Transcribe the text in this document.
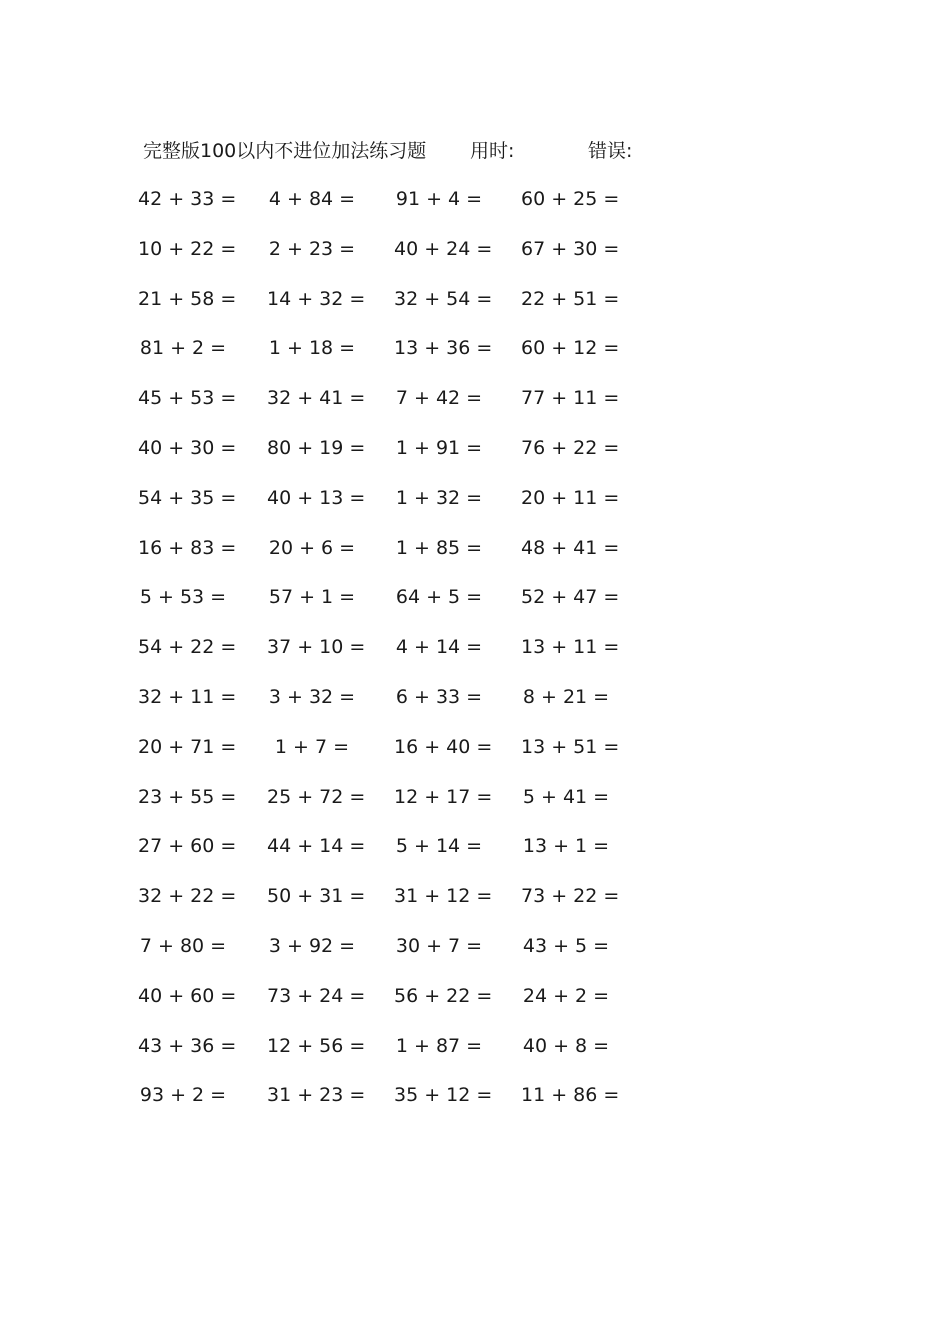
完整版100以内不进位加法练习题 用时:	错误:
42 + 33 = 4 + 84 = 91 + 4 = 60 + 25 =
10 + 22 = 2 + 23 = 40 + 24 = 67 + 30 =
21 + 58 = 14 + 32 = 32 + 54 = 22 + 51 =
81 + 2 = 1 + 18 = 13 + 36 = 60 + 12 =
45 + 53 = 32 + 41 = 7 + 42 = 77 + 11 =
40 + 30 = 80 + 19 = 1 + 91 = 76 + 22 =
54 + 35 = 40 + 13 = 1 + 32 = 20 + 11 =
16 + 83 = 20 + 6 = 1 + 85 = 48 + 41 =
5 + 53 = 57 + 1 = 64 + 5 = 52 + 47 =
54 + 22 = 37 + 10 = 4 + 14 = 13 + 11 =
32 + 11 = 3 + 32 = 6 + 33 = 8 + 21 =
20 + 71 =	1 + 7 =	16 + 40 = 13 + 51 =
23 + 55 = 25 + 72 = 12 + 17 = 5 + 41 =
27 + 60 = 44 + 14 = 5 + 14 = 13 + 1 =
32 + 22 = 50 + 31 = 31 + 12 = 73 + 22 =
7 + 80 = 3 + 92 = 30 + 7 = 43 + 5 =
40 + 60 = 73 + 24 = 56 + 22 = 24 + 2 =
43 + 36 = 12 + 56 = 1 + 87 = 40 + 8 =
93 + 2 = 31 + 23 = 35 + 12 = 11 + 86 =
